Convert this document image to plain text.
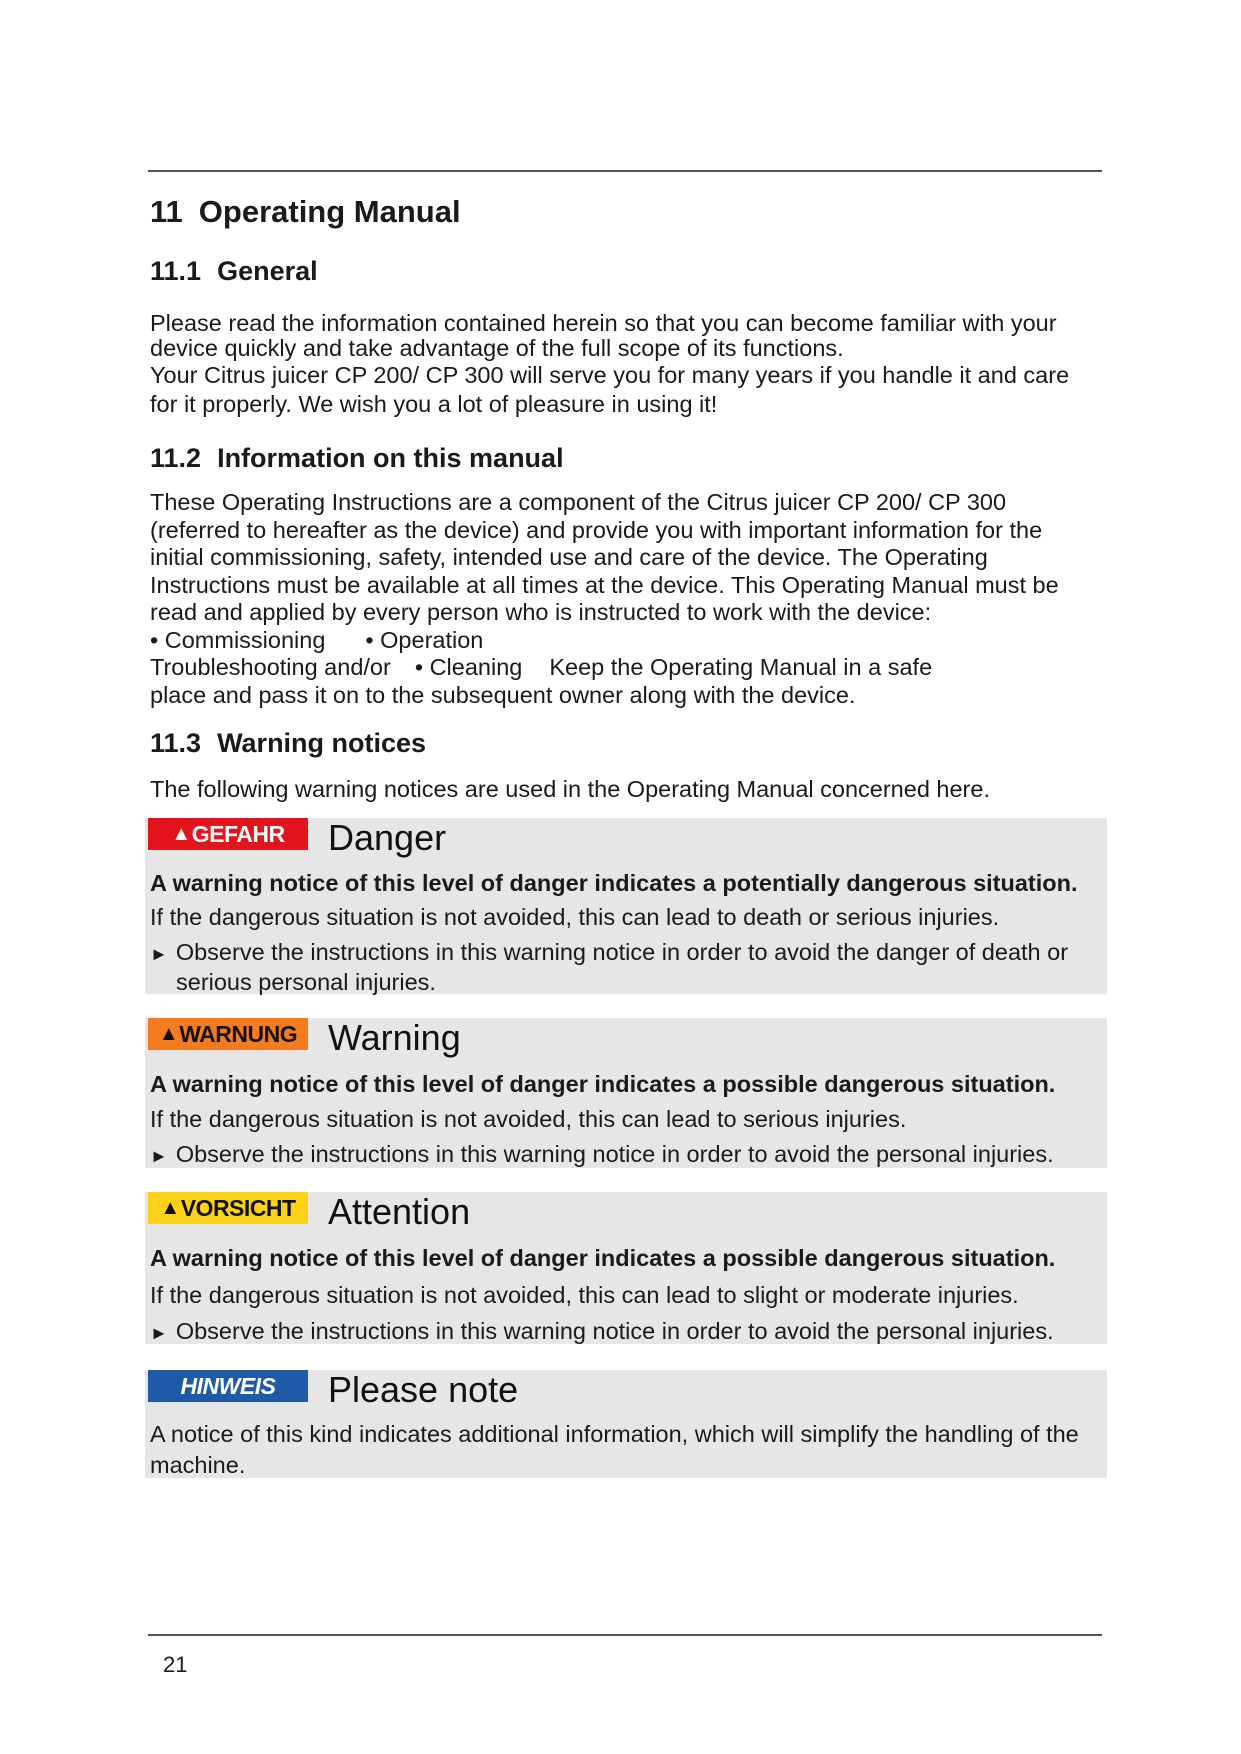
11 Operating Manual
11.1 General
Please read the information contained herein so that you can become familiar with your
device quickly and take advantage of the full scope of its functions.
Your Citrus juicer CP 200/ CP 300 will serve you for many years if you handle it and care
for it properly. We wish you a lot of pleasure in using it!
11.2 Information on this manual
These Operating Instructions are a component of the Citrus juicer CP 200/ CP 300
(referred to hereafter as the device) and provide you with important information for the
initial commissioning, safety, intended use and care of the device. The Operating
Instructions must be available at all times at the device. This Operating Manual must be
read and applied by every person who is instructed to work with the device:
• Commissioning • Operation
Troubleshooting and/or • Cleaning Keep the Operating Manual in a safe
place and pass it on to the subsequent owner along with the device.
11.3 Warning notices
The following warning notices are used in the Operating Manual concerned here.
▲ GEFAHR Danger
A warning notice of this level of danger indicates a potentially dangerous situation.
If the dangerous situation is not avoided, this can lead to death or serious injuries.
► Observe the instructions in this warning notice in order to avoid the danger of death or
serious personal injuries.
▲ WARNUNG Warning
A warning notice of this level of danger indicates a possible dangerous situation.
If the dangerous situation is not avoided, this can lead to serious injuries.
► Observe the instructions in this warning notice in order to avoid the personal injuries.
▲ VORSICHT Attention
A warning notice of this level of danger indicates a possible dangerous situation.
If the dangerous situation is not avoided, this can lead to slight or moderate injuries.
► Observe the instructions in this warning notice in order to avoid the personal injuries.
HINWEIS Please note
A notice of this kind indicates additional information, which will simplify the handling of the
machine.
21
